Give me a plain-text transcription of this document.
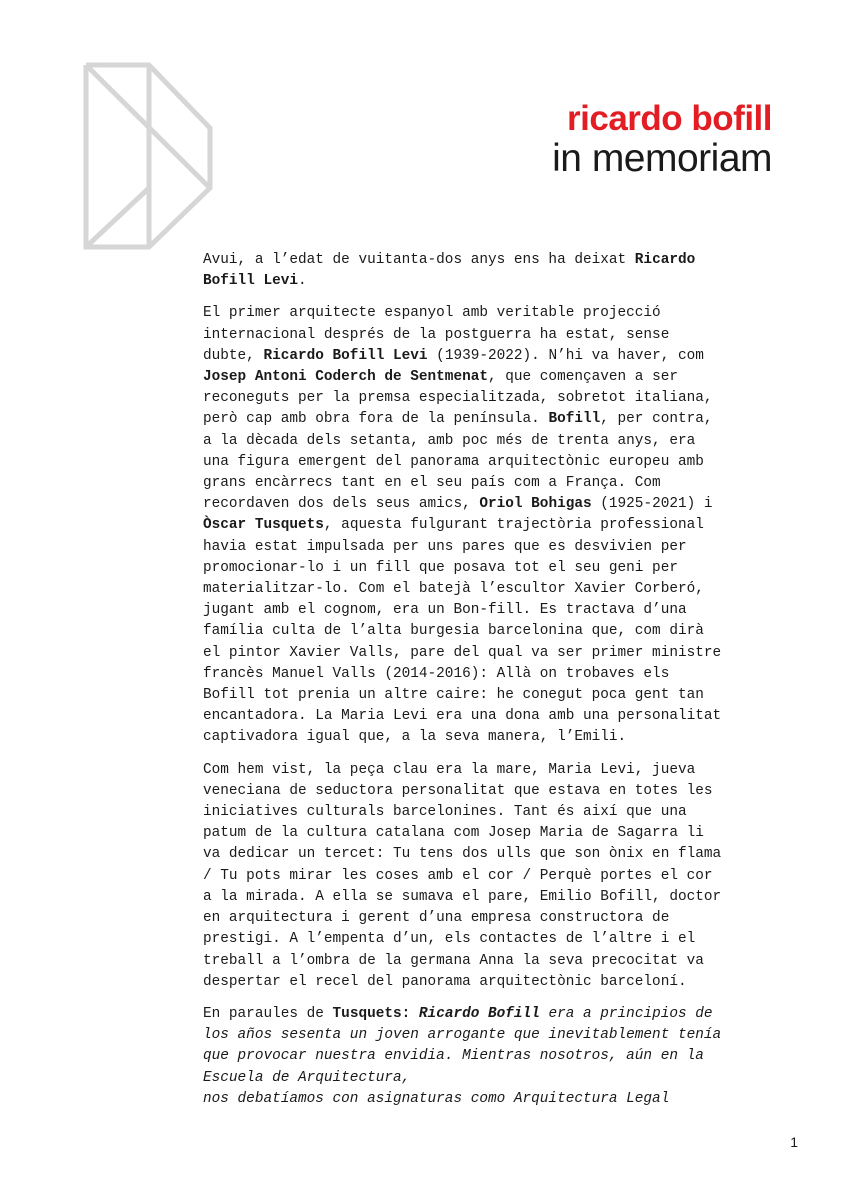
ricardo bofill
in memoriam
Avui, a l’edat de vuitanta-dos anys ens ha deixat Ricardo
Bofill Levi.
El primer arquitecte espanyol amb veritable projecció
internacional després de la postguerra ha estat, sense
dubte, Ricardo Bofill Levi (1939-2022). N’hi va haver, com
Josep Antoni Coderch de Sentmenat, que començaven a ser
reconeguts per la premsa especialitzada, sobretot italiana,
però cap amb obra fora de la península. Bofill, per contra,
a la dècada dels setanta, amb poc més de trenta anys, era
una figura emergent del panorama arquitectònic europeu amb
grans encàrrecs tant en el seu país com a França. Com
recordaven dos dels seus amics, Oriol Bohigas (1925-2021) i
Òscar Tusquets, aquesta fulgurant trajectòria professional
havia estat impulsada per uns pares que es desvivien per
promocionar-lo i un fill que posava tot el seu geni per
materialitzar-lo. Com el batejà l’escultor Xavier Corberó,
jugant amb el cognom, era un Bon-fill. Es tractava d’una
família culta de l’alta burgesia barcelonina que, com dirà
el pintor Xavier Valls, pare del qual va ser primer ministre
francès Manuel Valls (2014-2016): Allà on trobaves els
Bofill tot prenia un altre caire: he conegut poca gent tan
encantadora. La Maria Levi era una dona amb una personalitat
captivadora igual que, a la seva manera, l’Emili.
Com hem vist, la peça clau era la mare, Maria Levi, jueva
veneciana de seductora personalitat que estava en totes les
iniciatives culturals barcelonines. Tant és així que una
patum de la cultura catalana com Josep Maria de Sagarra li
va dedicar un tercet: Tu tens dos ulls que son ònix en flama
/ Tu pots mirar les coses amb el cor / Perquè portes el cor
a la mirada. A ella se sumava el pare, Emilio Bofill, doctor
en arquitectura i gerent d’una empresa constructora de
prestigi. A l’empenta d’un, els contactes de l’altre i el
treball a l’ombra de la germana Anna la seva precocitat va
despertar el recel del panorama arquitectònic barceloní.
En paraules de Tusquets: Ricardo Bofill era a principios de
los años sesenta un joven arrogante que inevitablement tenía
que provocar nuestra envidia. Mientras nosotros, aún en la
Escuela de Arquitectura,
nos debatíamos con asignaturas como Arquitectura Legal
1
